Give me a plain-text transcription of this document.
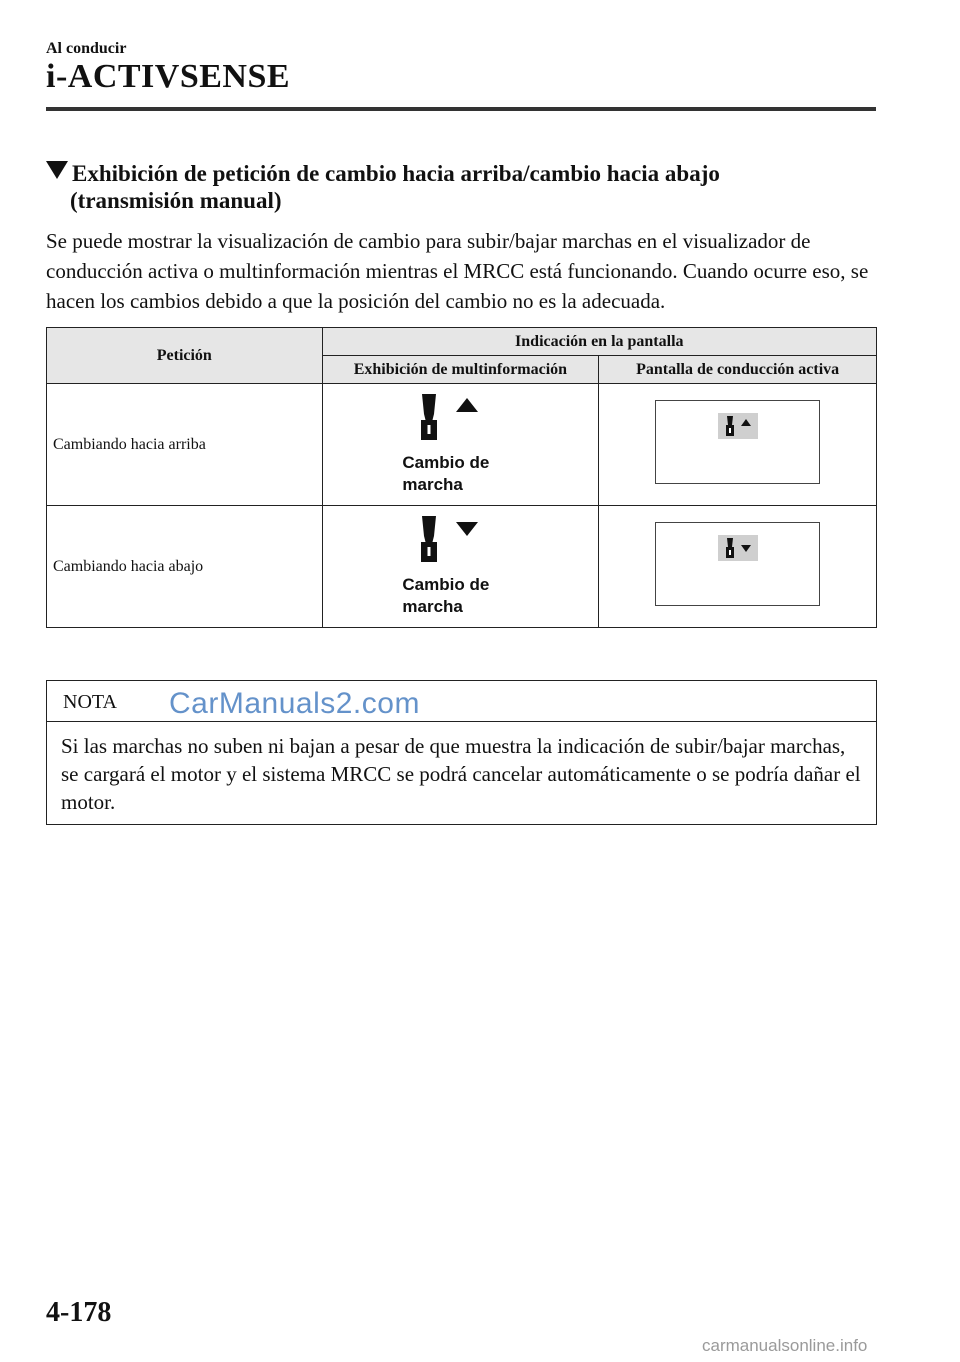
Al conducir
i-ACTIVSENSE
Exhibición de petición de cambio hacia arriba/cambio hacia abajo
(transmisión manual)

Se puede mostrar la visualización de cambio para subir/bajar marchas en el visualizador de conducción activa o multinformación mientras el MRCC está funcionando. Cuando ocurre eso, se hacen los cambios debido a que la posición del cambio no es la adecuada.

Petición	Indicación en la pantalla	
	Exhibición de multinformación	Pantalla de conducción activa
Cambiando hacia arriba	Cambio de
marcha

Cambiando hacia abajo	Cambio de
marcha

NOTA CarManuals2.com

Si las marchas no suben ni bajan a pesar de que muestra la indicación de subir/bajar marchas, se cargará el motor y el sistema MRCC se podrá cancelar automáticamente o se podría dañar el motor.

4-178
carmanualsonline.info
